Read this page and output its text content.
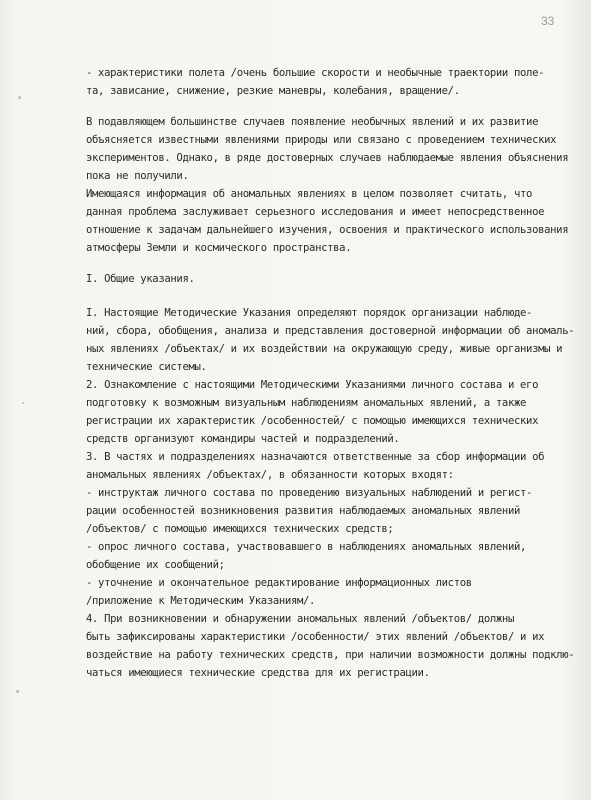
33
- характеристики полета /очень большие скорости и необычные траектории поле-
та, зависание, снижение, резкие маневры, колебания, вращение/.
В подавляющем большинстве случаев появление необычных явлений и их развитие
объясняется известными явлениями природы или связано с проведением технических
экспериментов. Однако, в ряде достоверных случаев наблюдаемые явления объяснения
пока не получили.
Имеющаяся информация об аномальных явлениях в целом позволяет считать, что
данная проблема заслуживает серьезного исследования и имеет непосредственное
отношение к задачам дальнейшего изучения, освоения и практического использования
атмосферы Земли и космического пространства.
I. Общие указания.
I. Настоящие Методические Указания определяют порядок организации наблюде-
ний, сбора, обобщения, анализа и представления достоверной информации об аномаль-
ных явлениях /объектах/ и их воздействии на окружающую среду, живые организмы и
технические системы.
2. Ознакомление с настоящими Методическими Указаниями личного состава и его
подготовку к возможным визуальным наблюдениям аномальных явлений, а также
регистрации их характеристик /особенностей/ с помощью имеющихся технических
средств организуют командиры частей и подразделений.
3. В частях и подразделениях назначаются ответственные за сбор информации об
аномальных явлениях /объектах/, в обязанности которых входят:
- инструктаж личного состава по проведению визуальных наблюдений и регист-
рации особенностей возникновения развития наблюдаемых аномальных явлений
/объектов/ с помощью имеющихся технических средств;
- опрос личного состава, участвовавшего в наблюдениях аномальных явлений,
обобщение их сообщений;
- уточнение и окончательное редактирование информационных листов
/приложение к Методическим Указаниям/.
4. При возникновении и обнаружении аномальных явлений /объектов/ должны
быть зафиксированы характеристики /особенности/ этих явлений /объектов/ и их
воздействие на работу технических средств, при наличии возможности должны подклю-
чаться имеющиеся технические средства для их регистрации.
